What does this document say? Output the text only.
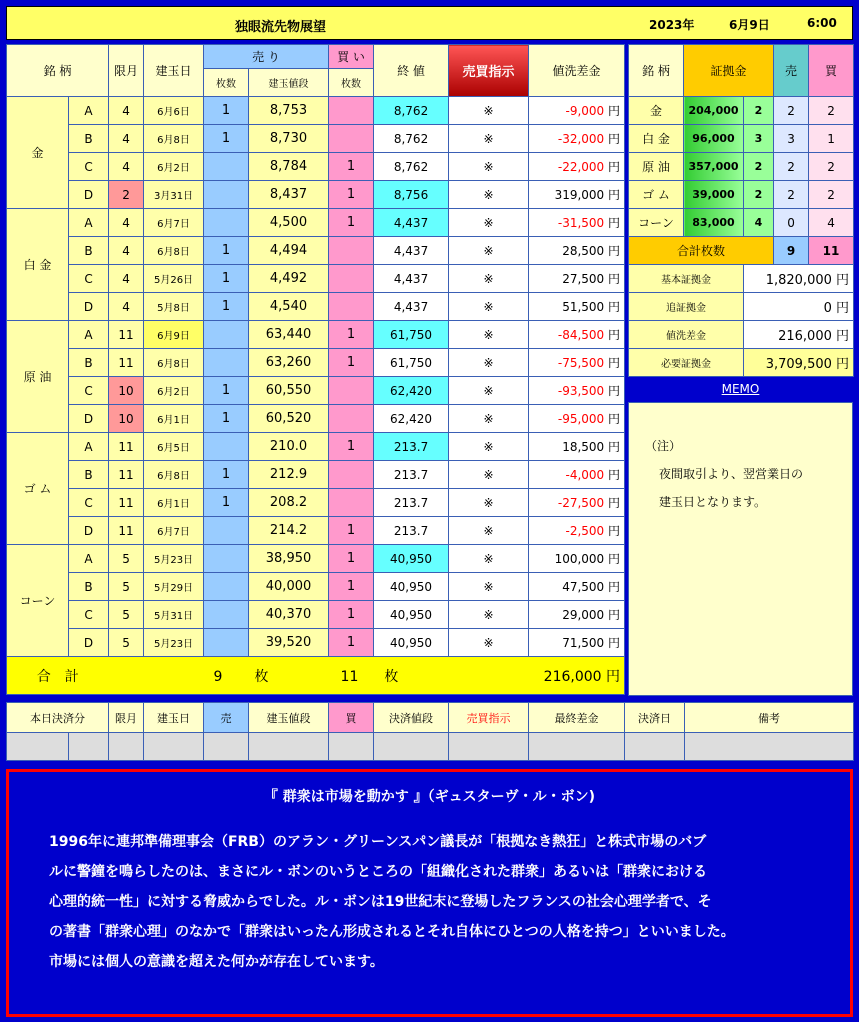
独眼流先物展望	2023年	6月9日	6:00
銘 柄		限月	建玉日	売 り		買 い	終 値	売買指示	値洗差金
				枚数	建玉値段	枚数			
金	A	4	6月6日	1	8,753		8,762	※	-9,000 円
	B	4	6月8日	1	8,730		8,762	※	-32,000 円
	C	4	6月2日		8,784	1	8,762	※	-22,000 円
	D	2	3月31日		8,437	1	8,756	※	319,000 円
白 金	A	4	6月7日		4,500	1	4,437	※	-31,500 円
	B	4	6月8日	1	4,494		4,437	※	28,500 円
	C	4	5月26日	1	4,492		4,437	※	27,500 円
	D	4	5月8日	1	4,540		4,437	※	51,500 円
原 油	A	11	6月9日		63,440	1	61,750	※	-84,500 円
	B	11	6月8日		63,260	1	61,750	※	-75,500 円
	C	10	6月2日	1	60,550		62,420	※	-93,500 円
	D	10	6月1日	1	60,520		62,420	※	-95,000 円
ゴ ム	A	11	6月5日		210.0	1	213.7	※	18,500 円
	B	11	6月8日	1	212.9		213.7	※	-4,000 円
	C	11	6月1日	1	208.2		213.7	※	-27,500 円
	D	11	6月7日		214.2	1	213.7	※	-2,500 円
コーン	A	5	5月23日		38,950	1	40,950	※	100,000 円
	B	5	5月29日		40,000	1	40,950	※	47,500 円
	C	5	5月31日		40,370	1	40,950	※	29,000 円
	D	5	5月23日		39,520	1	40,950	※	71,500 円
合　計				9 枚		11 枚		216,000 円	
銘 柄	証拠金		売	買
金	204,000	2	2	2
白 金	96,000	3	3	1
原 油	357,000	2	2	2
ゴ ム	39,000	2	2	2
コーン	83,000	4	0	4
合計枚数			9	11
基本証拠金		1,820,000 円		
追証拠金		0 円		
値洗差金		216,000 円		
必要証拠金		3,709,500 円		
MEMO

（注）

夜間取引より、翌営業日の

建玉日となります。

本日決済分		限月	建玉日	売	建玉値段	買	決済値段	売買指示	最終差金	決済日	備考

『 群衆は市場を動かす 』（ギュスターヴ・ル・ボン)
1996年に連邦準備理事会（FRB）のアラン・グリーンスパン議長が「根拠なき熱狂」と株式市場のバブ
ルに警鐘を鳴らしたのは、まさにル・ボンのいうところの「組織化された群衆」あるいは「群衆における
心理的統一性」に対する脅威からでした。ル・ボンは19世紀末に登場したフランスの社会心理学者で、そ
の著書「群衆心理」のなかで「群衆はいったん形成されるとそれ自体にひとつの人格を持つ」といいました。
市場には個人の意識を超えた何かが存在しています。
